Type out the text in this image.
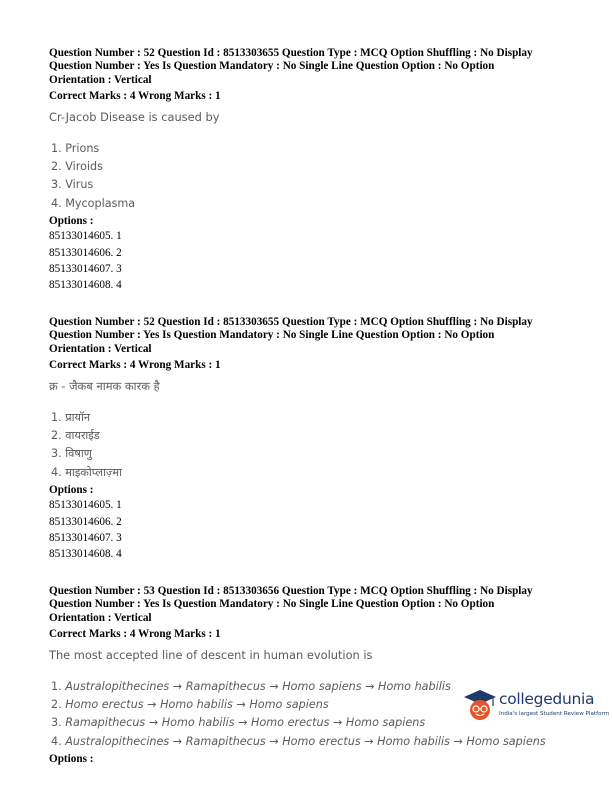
Question Number : 52 Question Id : 8513303655 Question Type : MCQ Option Shuffling : No Display

Question Number : Yes Is Question Mandatory : No Single Line Question Option : No Option

Orientation : Vertical

Correct Marks : 4 Wrong Marks : 1

Cr-Jacob Disease is caused by

1. Prions
2. Viroids
3. Virus
4. Mycoplasma
Options :
85133014605. 1
85133014606. 2
85133014607. 3
85133014608. 4

Question Number : 52 Question Id : 8513303655 Question Type : MCQ Option Shuffling : No Display

Question Number : Yes Is Question Mandatory : No Single Line Question Option : No Option

Orientation : Vertical

Correct Marks : 4 Wrong Marks : 1

क्र - जैकब नामक कारक है

1. प्रायॉन
2. वायराईड
3. विषाणु
4. माइकोप्लाज़्मा
Options :
85133014605. 1
85133014606. 2
85133014607. 3
85133014608. 4

Question Number : 53 Question Id : 8513303656 Question Type : MCQ Option Shuffling : No Display

Question Number : Yes Is Question Mandatory : No Single Line Question Option : No Option

Orientation : Vertical

Correct Marks : 4 Wrong Marks : 1

The most accepted line of descent in human evolution is

1. Australopithecines → Ramapithecus → Homo sapiens → Homo habilis
2. Homo erectus → Homo habilis → Homo sapiens
3. Ramapithecus → Homo habilis → Homo erectus → Homo sapiens
4. Australopithecines → Ramapithecus → Homo erectus → Homo habilis → Homo sapiens
Options :
collegedunia
India's largest Student Review Platform
